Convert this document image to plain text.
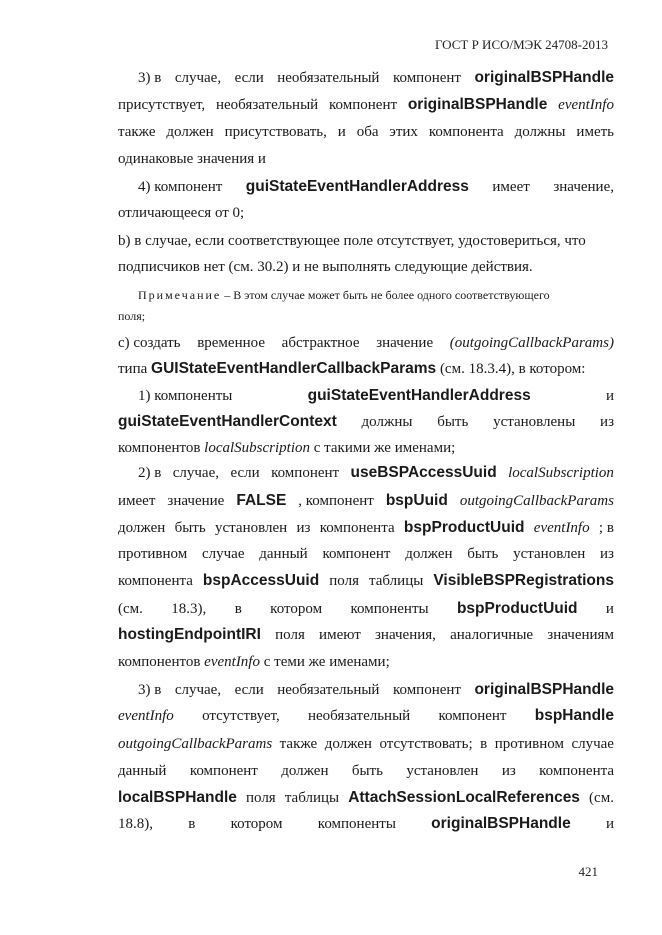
ГОСТ Р ИСО/МЭК 24708-2013
3) в случае, если необязательный компонент originalBSPHandle
присутствует, необязательный компонент originalBSPHandle eventInfo
также должен присутствовать, и оба этих компонента должны иметь
одинаковые значения и
4) компонент guiStateEventHandlerAddress имеет значение,
отличающееся от 0;
b) в случае, если соответствующее поле отсутствует, удостовериться, что
подписчиков нет (см. 30.2) и не выполнять следующие действия.
Примечание – В этом случае может быть не более одного соответствующего
поля;
c) создать временное абстрактное значение (outgoingCallbackParams)
типа GUIStateEventHandlerCallbackParams (см. 18.3.4), в котором:
1) компоненты	guiStateEventHandlerAddress	и
guiStateEventHandlerContext должны быть установлены из
компонентов localSubscription с такими же именами;
2) в случае, если компонент useBSPAccessUuid localSubscription
имеет значение FALSE , компонент bspUuid outgoingCallbackParams
должен быть установлен из компонента bspProductUuid eventInfo ; в
противном случае данный компонент должен быть установлен из
компонента bspAccessUuid поля таблицы VisibleBSPRegistrations
(см. 18.3), в котором компоненты bspProductUuid и
hostingEndpointIRI поля имеют значения, аналогичные значениям
компонентов eventInfo с теми же именами;
3) в случае, если необязательный компонент originalBSPHandle
eventInfo отсутствует, необязательный компонент bspHandle
outgoingCallbackParams также должен отсутствовать; в противном случае
данный компонент должен быть установлен из компонента
localBSPHandle поля таблицы AttachSessionLocalReferences (см.
18.8), в котором компоненты originalBSPHandle и
421
